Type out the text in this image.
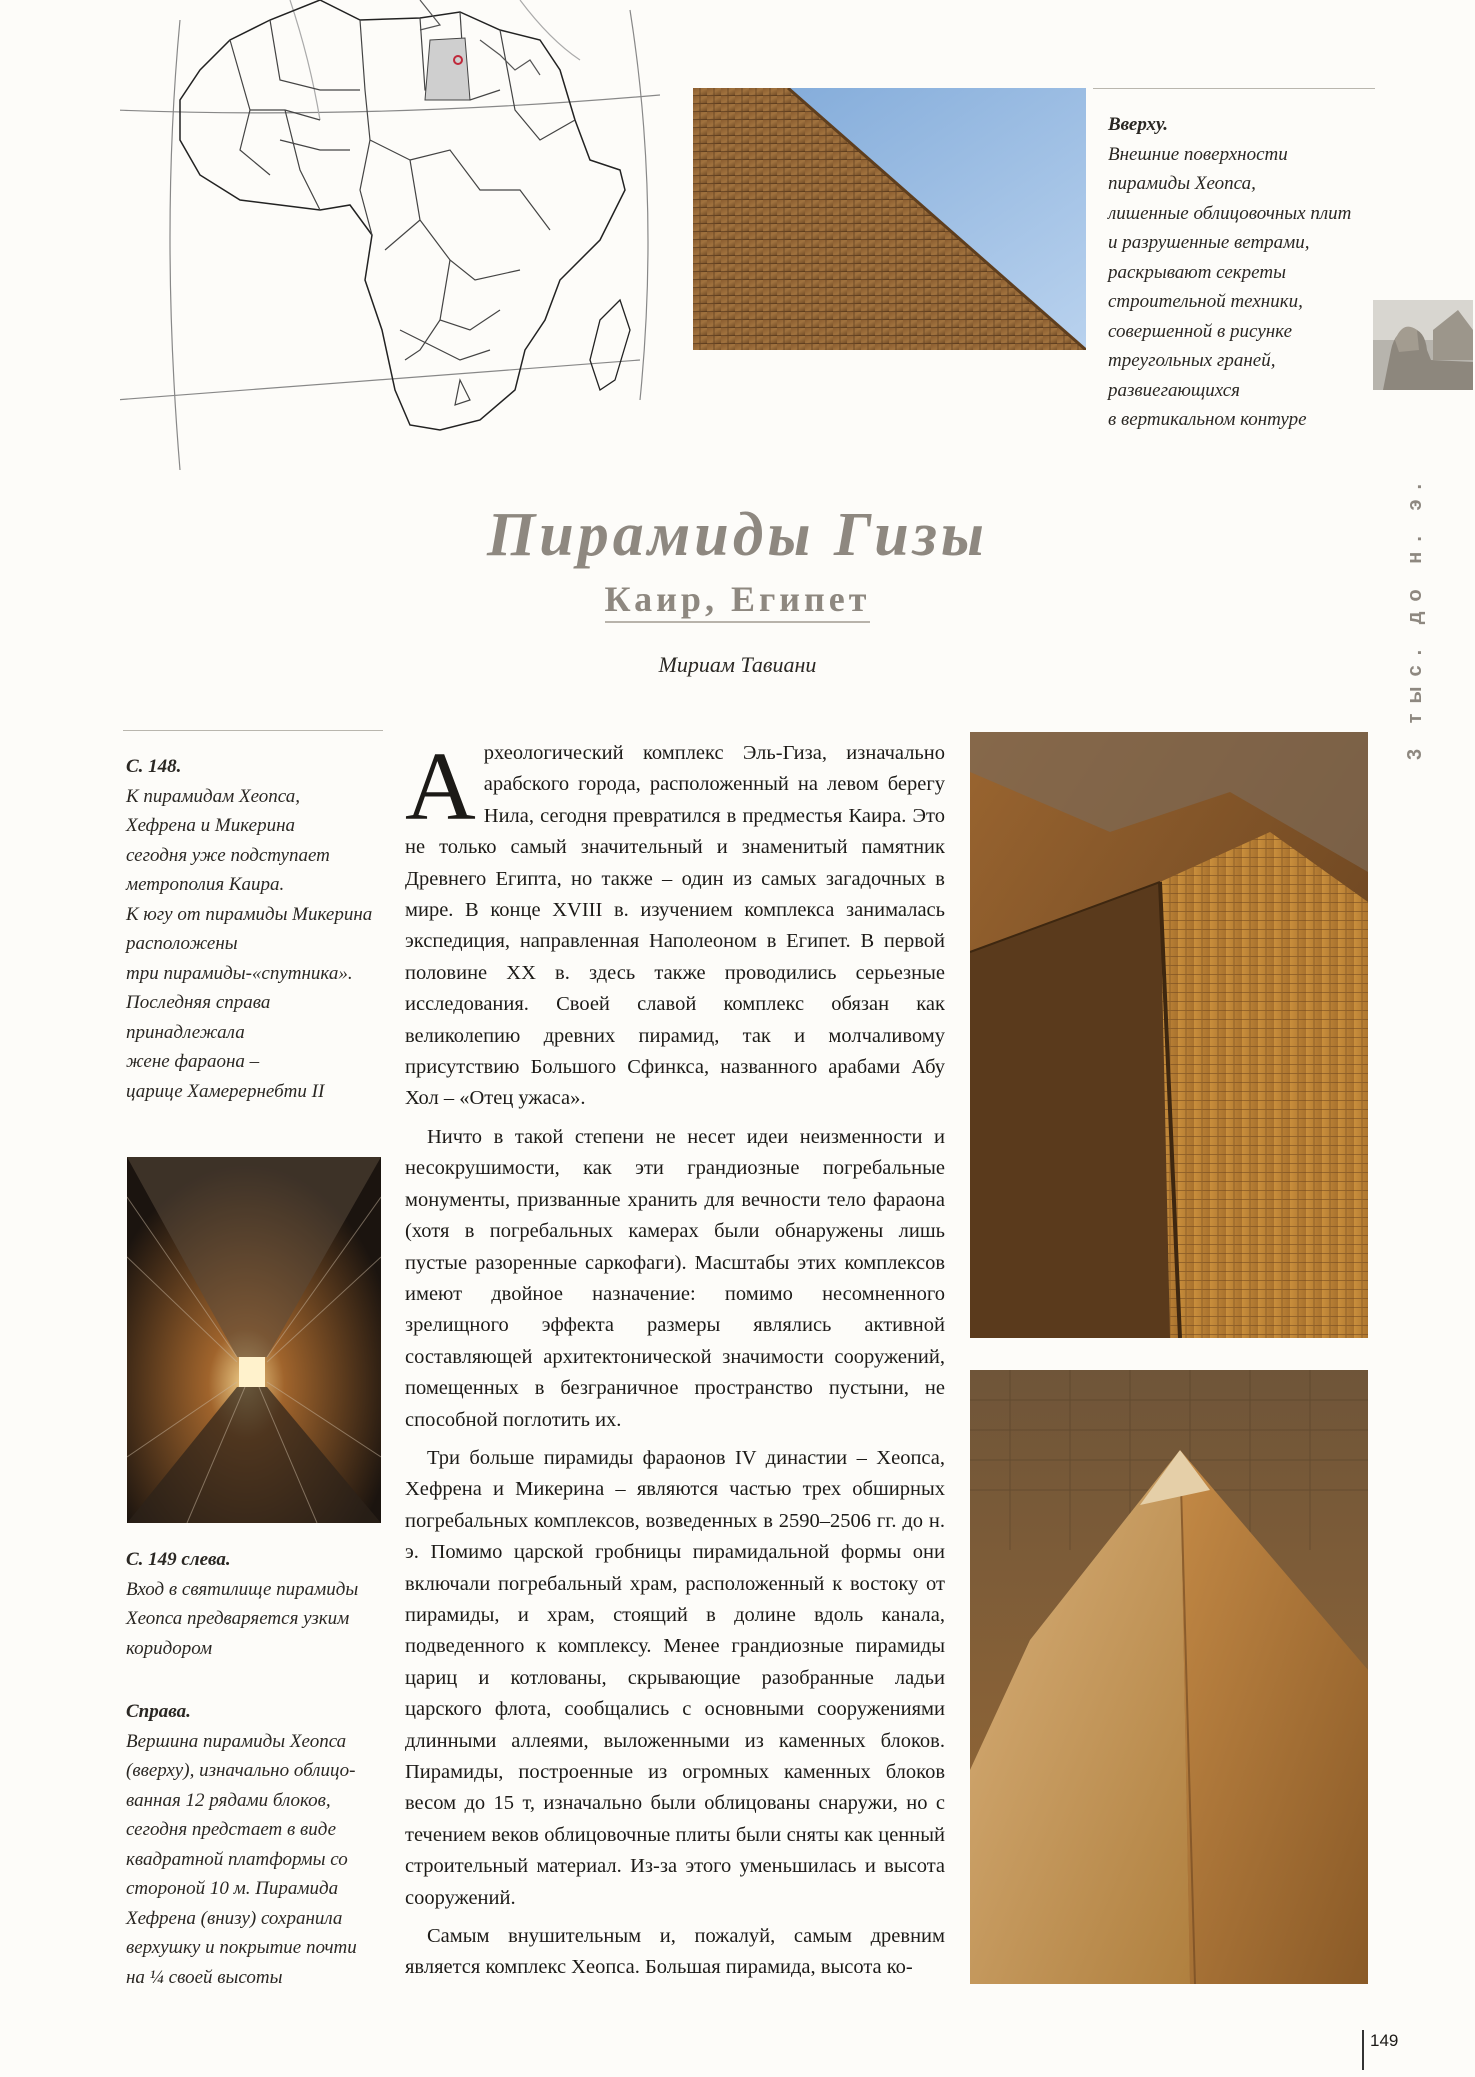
Вверху.
Внешние поверхности
пирамиды Хеопса,
лишенные облицовочных плит
и разрушенные ветрами,
раскрывают секреты
строительной техники,
совершенной в рисунке
треугольных граней,
развиегающихся
в вертикальном контуре
3 тыс. до н. э.
Пирамиды Гизы
Каир, Египет
Мириам Тавиани
С. 148.
К пирамидам Хеопса,
Хефрена и Микерина
сегодня уже подступает
метрополия Каира.
К югу от пирамиды Микерина
расположены
три пирамиды-«спутника».
Последняя справа
принадлежала
жене фараона –
царице Хамерернебти II
С. 149 слева.
Вход в святилище пирамиды
Хеопса предваряется узким
коридором
Справа.
Вершина пирамиды Хеопса
(вверху), изначально облицо-
ванная 12 рядами блоков,
сегодня предстает в виде
квадратной платформы со
стороной 10 м. Пирамида
Хефрена (внизу) сохранила
верхушку и покрытие почти
на ¼ своей высоты

Археологический комплекс Эль-Гиза, изначально арабского города, расположенный на левом берегу Нила, сегодня превратился в предместья Каира. Это не только самый значительный и знаменитый памятник Древнего Египта, но также – один из самых загадочных в мире. В конце XVIII в. изучением комплекса занималась экспедиция, направленная Наполеоном в Египет. В первой половине XX в. здесь также проводились серьезные исследования. Своей славой комплекс обязан как великолепию древних пирамид, так и молчаливому присутствию Большого Сфинкса, названного арабами Абу Хол – «Отец ужаса».

Ничто в такой степени не несет идеи неизменности и несокрушимости, как эти грандиозные погребальные монументы, призванные хранить для вечности тело фараона (хотя в погребальных камерах были обнаружены лишь пустые разоренные саркофаги). Масштабы этих комплексов имеют двойное назначение: помимо несомненного зрелищного эффекта размеры являлись активной составляющей архитектонической значимости сооружений, помещенных в безграничное пространство пустыни, не способной поглотить их.

Три больше пирамиды фараонов IV династии – Хеопса, Хефрена и Микерина – являются частью трех обширных погребальных комплексов, возведенных в 2590–2506 гг. до н. э. Помимо царской гробницы пирамидальной формы они включали погребальный храм, расположенный к востоку от пирамиды, и храм, стоящий в долине вдоль канала, подведенного к комплексу. Менее грандиозные пирамиды цариц и котлованы, скрывающие разобранные ладьи царского флота, сообщались с основными сооружениями длинными аллеями, выложенными из каменных блоков. Пирамиды, построенные из огромных каменных блоков весом до 15 т, изначально были облицованы снаружи, но с течением веков облицовочные плиты были сняты как ценный строительный материал. Из-за этого уменьшилась и высота сооружений.

Самым внушительным и, пожалуй, самым древним является комплекс Хеопса. Большая пирамида, высота ко-

149
